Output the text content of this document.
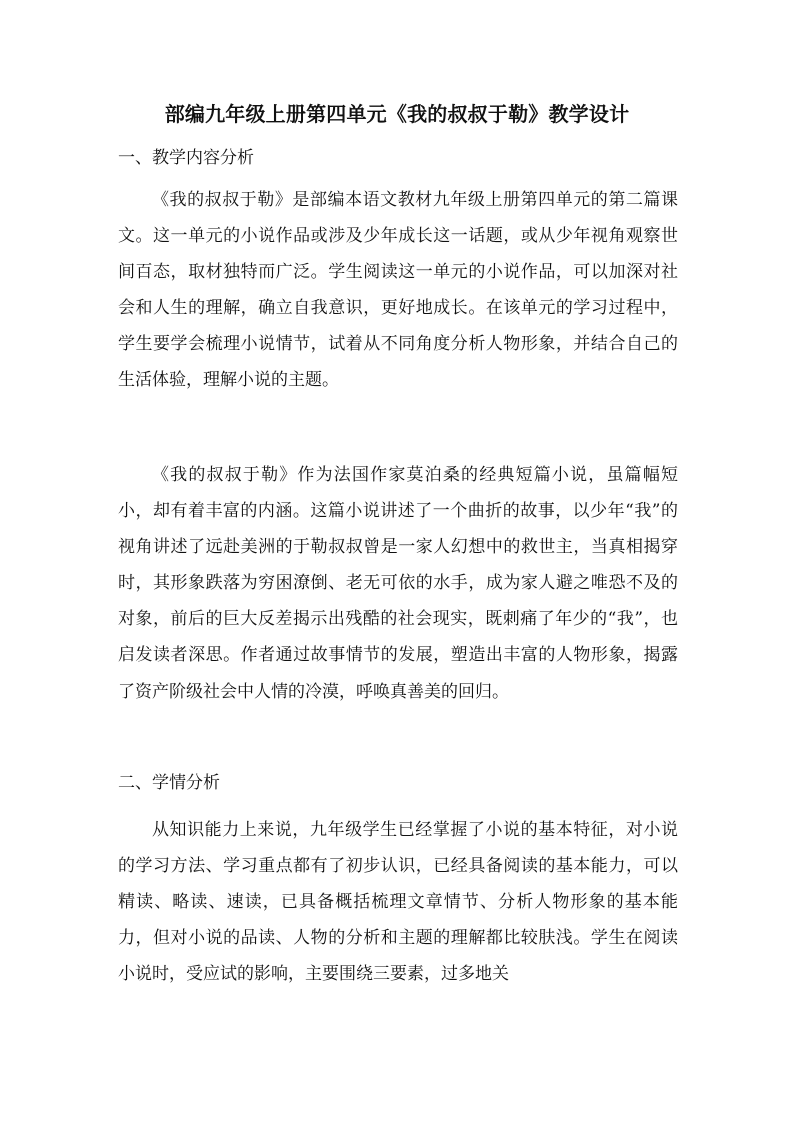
部编九年级上册第四单元《我的叔叔于勒》教学设计
一、教学内容分析

《我的叔叔于勒》是部编本语文教材九年级上册第四单元的第二篇课文。这一单元的小说作品或涉及少年成长这一话题，或从少年视角观察世间百态，取材独特而广泛。学生阅读这一单元的小说作品，可以加深对社会和人生的理解，确立自我意识，更好地成长。在该单元的学习过程中，学生要学会梳理小说情节，试着从不同角度分析人物形象，并结合自己的生活体验，理解小说的主题。

《我的叔叔于勒》作为法国作家莫泊桑的经典短篇小说，虽篇幅短小，却有着丰富的内涵。这篇小说讲述了一个曲折的故事，以少年“我”的视角讲述了远赴美洲的于勒叔叔曾是一家人幻想中的救世主，当真相揭穿时，其形象跌落为穷困潦倒、老无可依的水手，成为家人避之唯恐不及的对象，前后的巨大反差揭示出残酷的社会现实，既刺痛了年少的“我”，也启发读者深思。作者通过故事情节的发展，塑造出丰富的人物形象，揭露了资产阶级社会中人情的冷漠，呼唤真善美的回归。

二、学情分析

从知识能力上来说，九年级学生已经掌握了小说的基本特征，对小说的学习方法、学习重点都有了初步认识，已经具备阅读的基本能力，可以精读、略读、速读，已具备概括梳理文章情节、分析人物形象的基本能力，但对小说的品读、人物的分析和主题的理解都比较肤浅。学生在阅读小说时，受应试的影响，主要围绕三要素，过多地关
